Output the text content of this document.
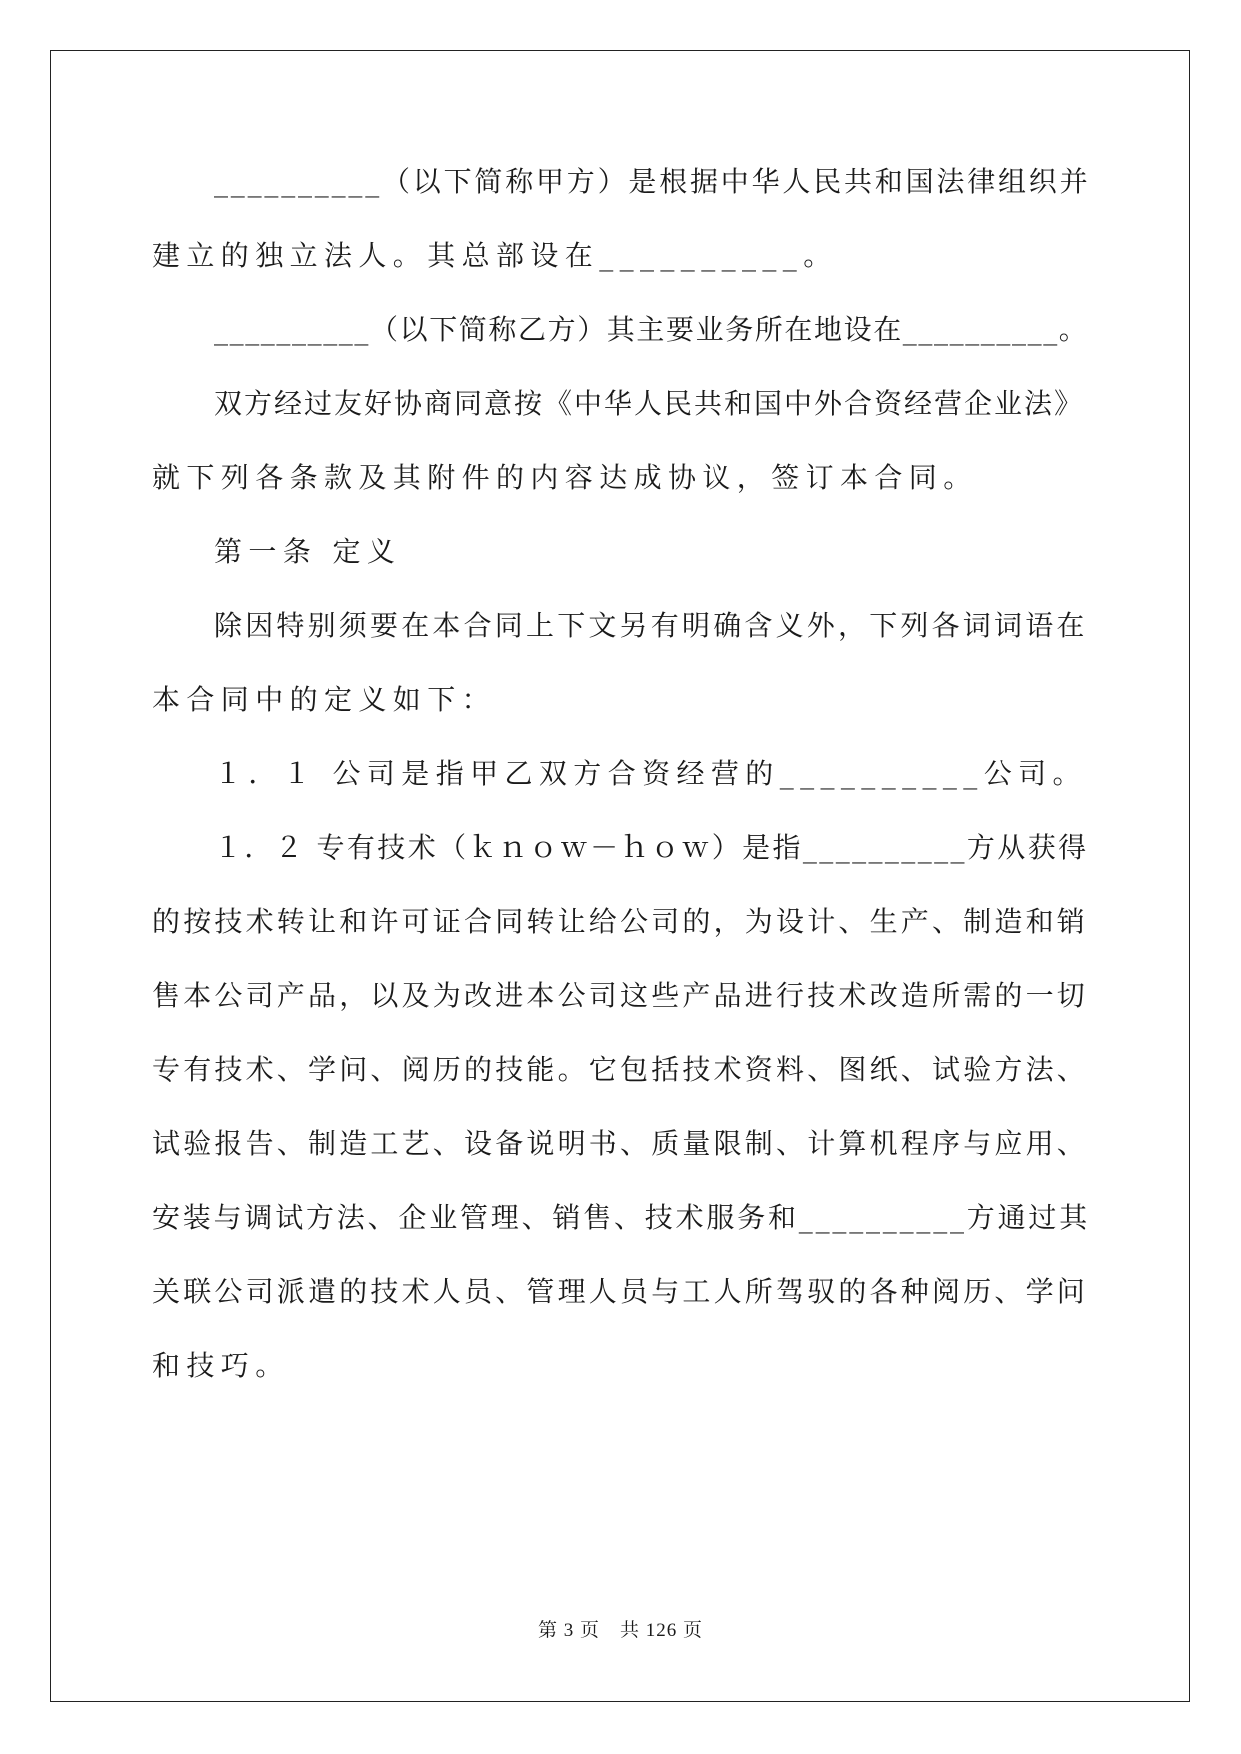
__________（以下简称甲方）是根据中华人民共和国法律组织并
建立的独立法人。其总部设在__________。
__________（以下简称乙方）其主要业务所在地设在__________。
双方经过友好协商同意按《中华人民共和国中外合资经营企业法》
就下列各条款及其附件的内容达成协议，签订本合同。
第一条 定义
除因特别须要在本合同上下文另有明确含义外，下列各词词语在
本合同中的定义如下：
１．１ 公司是指甲乙双方合资经营的__________公司。
１．２ 专有技术（ｋｎｏｗ－ｈｏｗ）是指__________方从获得
的按技术转让和许可证合同转让给公司的，为设计、生产、制造和销
售本公司产品，以及为改进本公司这些产品进行技术改造所需的一切
专有技术、学问、阅历的技能。它包括技术资料、图纸、试验方法、
试验报告、制造工艺、设备说明书、质量限制、计算机程序与应用、
安装与调试方法、企业管理、销售、技术服务和__________方通过其
关联公司派遣的技术人员、管理人员与工人所驾驭的各种阅历、学问
和技巧。
第 3 页　共 126 页
